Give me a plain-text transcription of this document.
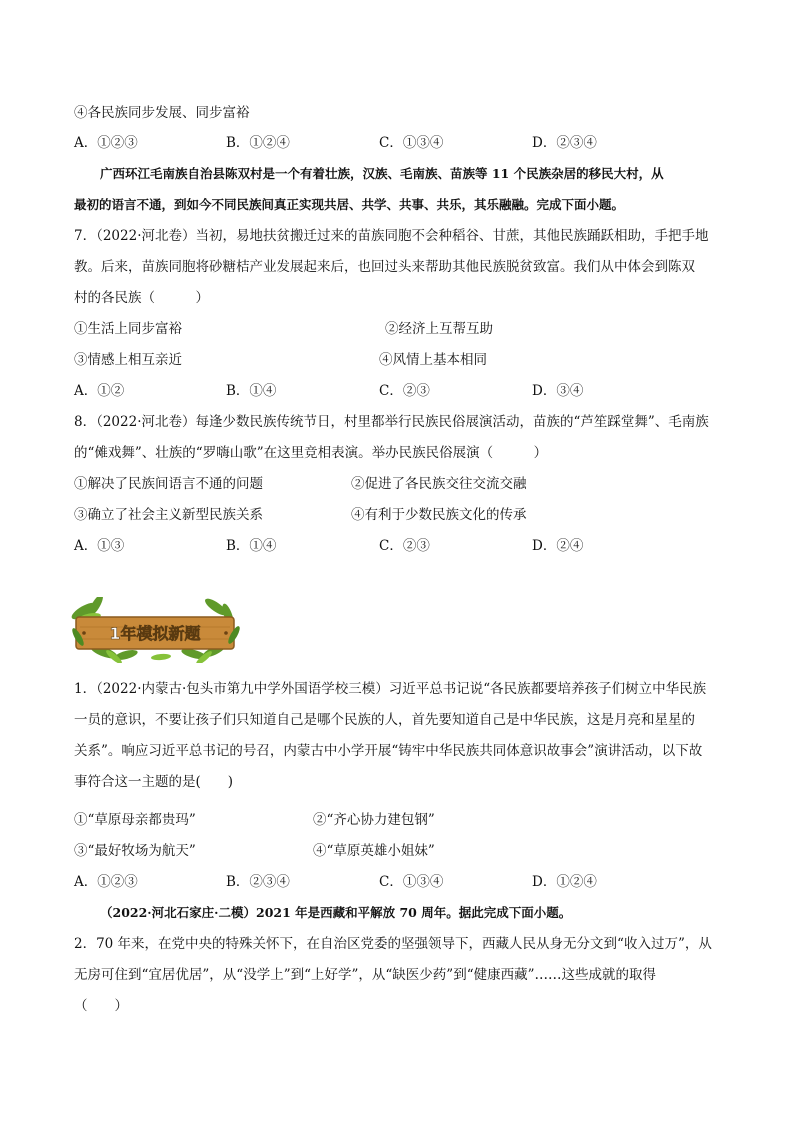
④各民族同步发展、同步富裕
A．①②③	B．①②④	C．①③④	D．②③④
广西环江毛南族自治县陈双村是一个有着壮族，汉族、毛南族、苗族等 11 个民族杂居的移民大村，从
最初的语言不通，到如今不同民族间真正实现共居、共学、共事、共乐，其乐融融。完成下面小题。
7．（2022·河北卷）当初，易地扶贫搬迁过来的苗族同胞不会种稻谷、甘蔗，其他民族踊跃相助，手把手地
教。后来，苗族同胞将砂糖桔产业发展起来后，也回过头来帮助其他民族脱贫致富。我们从中体会到陈双
村的各民族（　　　）
①生活上同步富裕	②经济上互帮互助
③情感上相互亲近	④风情上基本相同
A．①②	B．①④	C．②③	D．③④
8．（2022·河北卷）每逢少数民族传统节日，村里都举行民族民俗展演活动，苗族的“芦笙踩堂舞”、毛南族
的“傩戏舞”、壮族的“罗嗨山歌”在这里竞相表演。举办民族民俗展演（　　　）
①解决了民族间语言不通的问题	②促进了各民族交往交流交融
③确立了社会主义新型民族关系	④有利于少数民族文化的传承
A．①③	B．①④	C．②③	D．②④
1年模拟新题
1．（2022·内蒙古·包头市第九中学外国语学校三模）习近平总书记说“各民族都要培养孩子们树立中华民族
一员的意识，不要让孩子们只知道自己是哪个民族的人，首先要知道自己是中华民族，这是月亮和星星的
关系”。响应习近平总书记的号召，内蒙古中小学开展“铸牢中华民族共同体意识故事会”演讲活动，以下故
事符合这一主题的是(　　)
①“草原母亲都贵玛”	②“齐心协力建包钢”
③“最好牧场为航天”	④“草原英雄小姐妹”
A．①②③	B．②③④	C．①③④	D．①②④
（2022·河北石家庄·二模）2021 年是西藏和平解放 70 周年。据此完成下面小题。
2．70 年来，在党中央的特殊关怀下，在自治区党委的坚强领导下，西藏人民从身无分文到“收入过万”，从
无房可住到“宜居优居”，从“没学上”到“上好学”，从“缺医少药”到“健康西藏”……这些成就的取得
（　　）
